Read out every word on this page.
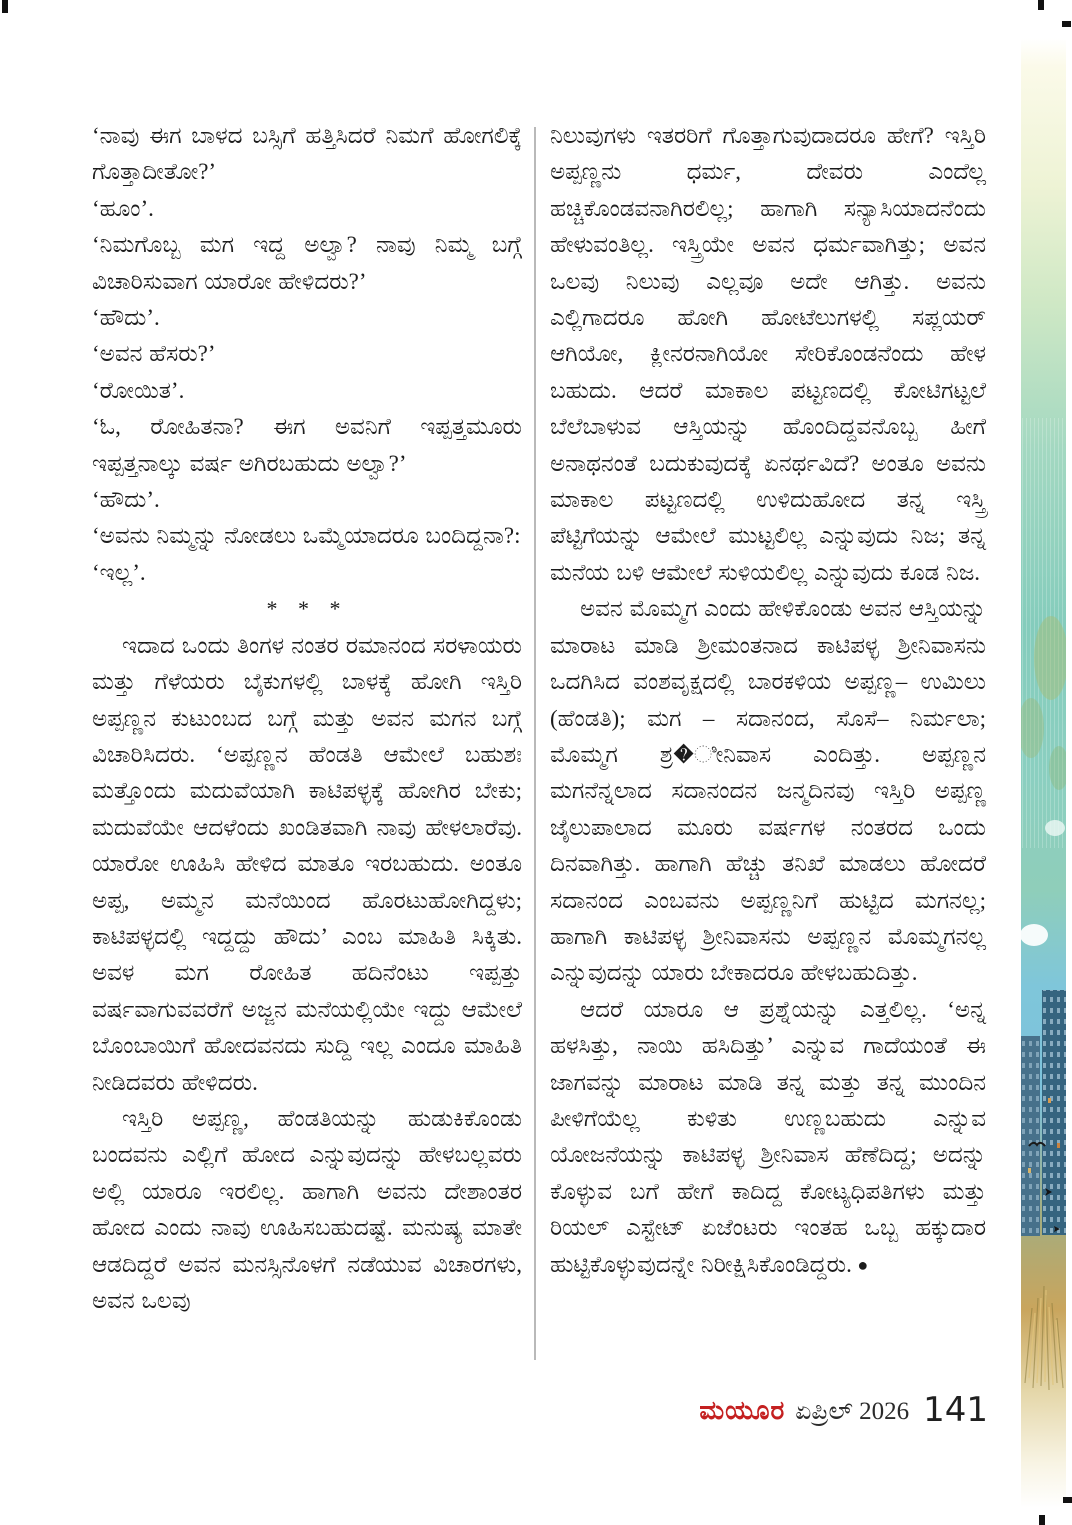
‘ನಾವು ಈಗ ಬಾಳದ ಬಸ್ಸಿಗೆ ಹತ್ತಿಸಿದರೆ ನಿಮಗೆ ಹೋಗಲಿಕ್ಕೆ ಗೊತ್ತಾದೀತೋ?’

‘ಹೂಂ’.

‘ನಿಮಗೊಬ್ಬ ಮಗ ಇದ್ದ ಅಲ್ವಾ? ನಾವು ನಿಮ್ಮ ಬಗ್ಗೆ ವಿಚಾರಿಸುವಾಗ ಯಾರೋ ಹೇಳಿದರು?’

‘ಹೌದು’.

‘ಅವನ ಹೆಸರು?’

‘ರೋಯಿತ’.

‘ಓ, ರೋಹಿತನಾ? ಈಗ ಅವನಿಗೆ ಇಪ್ಪತ್ತಮೂರು ಇಪ್ಪತ್ತನಾಲ್ಕು ವರ್ಷ ಅಗಿರಬಹುದು ಅಲ್ವಾ?’

‘ಹೌದು’.

‘ಅವನು ನಿಮ್ಮನ್ನು ನೋಡಲು ಒಮ್ಮೆಯಾದರೂ ಬಂದಿದ್ದನಾ?:

‘ಇಲ್ಲ’.

* * *

ಇದಾದ ಒಂದು ತಿಂಗಳ ನಂತರ ರಮಾನಂದ ಸರಳಾಯರು ಮತ್ತು ಗೆಳೆಯರು ಬೈಕುಗಳಲ್ಲಿ ಬಾಳಕ್ಕೆ ಹೋಗಿ ಇಸ್ತಿರಿ ಅಪ್ಪಣ್ಣನ ಕುಟುಂಬದ ಬಗ್ಗೆ ಮತ್ತು ಅವನ ಮಗನ ಬಗ್ಗೆ ವಿಚಾರಿಸಿದರು. ‘ಅಪ್ಪಣ್ಣನ ಹೆಂಡತಿ ಆಮೇಲೆ ಬಹುಶಃ ಮತ್ತೊಂದು ಮದುವೆಯಾಗಿ ಕಾಟಿಪಳ್ಳಕ್ಕೆ ಹೋಗಿರ ಬೇಕು; ಮದುವೆಯೇ ಆದಳೆಂದು ಖಂಡಿತವಾಗಿ ನಾವು ಹೇಳಲಾರೆವು. ಯಾರೋ ಊಹಿಸಿ ಹೇಳಿದ ಮಾತೂ ಇರಬಹುದು. ಅಂತೂ ಅಪ್ಪ, ಅಮ್ಮನ ಮನೆಯಿಂದ ಹೊರಟುಹೋಗಿದ್ದಳು; ಕಾಟಿಪಳ್ಳದಲ್ಲಿ ಇದ್ದದ್ದು ಹೌದು’ ಎಂಬ ಮಾಹಿತಿ ಸಿಕ್ಕಿತು. ಅವಳ ಮಗ ರೋಹಿತ ಹದಿನೆಂಟು ಇಪ್ಪತ್ತು ವರ್ಷವಾಗುವವರೆಗೆ ಅಜ್ಜನ ಮನೆಯಲ್ಲಿಯೇ ಇದ್ದು ಆಮೇಲೆ ಬೊಂಬಾಯಿಗೆ ಹೋದವನದು ಸುದ್ದಿ ಇಲ್ಲ ಎಂದೂ ಮಾಹಿತಿ ನೀಡಿದವರು ಹೇಳಿದರು.

ಇಸ್ತಿರಿ ಅಪ್ಪಣ್ಣ, ಹೆಂಡತಿಯನ್ನು ಹುಡುಕಿಕೊಂಡು ಬಂದವನು ಎಲ್ಲಿಗೆ ಹೋದ ಎನ್ನುವುದನ್ನು ಹೇಳಬಲ್ಲವರು ಅಲ್ಲಿ ಯಾರೂ ಇರಲಿಲ್ಲ. ಹಾಗಾಗಿ ಅವನು ದೇಶಾಂತರ ಹೋದ ಎಂದು ನಾವು ಊಹಿಸಬಹುದಷ್ಟೆ. ಮನುಷ್ಯ ಮಾತೇ ಆಡದಿದ್ದರೆ ಅವನ ಮನಸ್ಸಿನೊಳಗೆ ನಡೆಯುವ ವಿಚಾರಗಳು, ಅವನ ಒಲವು

ನಿಲುವುಗಳು ಇತರರಿಗೆ ಗೊತ್ತಾಗುವುದಾದರೂ ಹೇಗೆ? ಇಸ್ತಿರಿ ಅಪ್ಪಣ್ಣನು ಧರ್ಮ, ದೇವರು ಎಂದೆಲ್ಲ ಹಚ್ಚಿಕೊಂಡವನಾಗಿರಲಿಲ್ಲ; ಹಾಗಾಗಿ ಸನ್ಯಾಸಿಯಾದನೆಂದು ಹೇಳುವಂತಿಲ್ಲ. ಇಸ್ತ್ರಿಯೇ ಅವನ ಧರ್ಮವಾಗಿತ್ತು; ಅವನ ಒಲವು ನಿಲುವು ಎಲ್ಲವೂ ಅದೇ ಆಗಿತ್ತು. ಅವನು ಎಲ್ಲಿಗಾದರೂ ಹೋಗಿ ಹೋಟೆಲುಗಳಲ್ಲಿ ಸಪ್ಲಯರ್ ಆಗಿಯೋ, ಕ್ಲೀನರನಾಗಿಯೋ ಸೇರಿಕೊಂಡನೆಂದು ಹೇಳ ಬಹುದು. ಆದರೆ ಮಾಕಾಲ ಪಟ್ಟಣದಲ್ಲಿ ಕೋಟಿಗಟ್ಟಲೆ ಬೆಲೆಬಾಳುವ ಆಸ್ತಿಯನ್ನು ಹೊಂದಿದ್ದವನೊಬ್ಬ ಹೀಗೆ ಅನಾಥನಂತೆ ಬದುಕುವುದಕ್ಕೆ ಏನರ್ಥವಿದೆ? ಅಂತೂ ಅವನು ಮಾಕಾಲ ಪಟ್ಟಣದಲ್ಲಿ ಉಳಿದುಹೋದ ತನ್ನ ಇಸ್ತ್ರಿ ಪೆಟ್ಟಿಗೆಯನ್ನು ಆಮೇಲೆ ಮುಟ್ಟಲಿಲ್ಲ ಎನ್ನುವುದು ನಿಜ; ತನ್ನ ಮನೆಯ ಬಳಿ ಆಮೇಲೆ ಸುಳಿಯಲಿಲ್ಲ ಎನ್ನುವುದು ಕೂಡ ನಿಜ.

ಅವನ ಮೊಮ್ಮಗ ಎಂದು ಹೇಳಿಕೊಂಡು ಅವನ ಆಸ್ತಿಯನ್ನು ಮಾರಾಟ ಮಾಡಿ ಶ್ರೀಮಂತನಾದ ಕಾಟಿಪಳ್ಳ ಶ್ರೀನಿವಾಸನು ಒದಗಿಸಿದ ವಂಶವೃಕ್ಷದಲ್ಲಿ ಬಾರಕಳಿಯ ಅಪ್ಪಣ್ಣ– ಉಮಿಲು (ಹೆಂಡತಿ); ಮಗ – ಸದಾನಂದ, ಸೊಸೆ– ನಿರ್ಮಲಾ; ಮೊಮ್ಮಗ ಶ್ರ�ೀನಿವಾಸ ಎಂದಿತ್ತು. ಅಪ್ಪಣ್ಣನ ಮಗನೆನ್ನಲಾದ ಸದಾನಂದನ ಜನ್ಮದಿನವು ಇಸ್ತಿರಿ ಅಪ್ಪಣ್ಣ ಜೈಲುಪಾಲಾದ ಮೂರು ವರ್ಷಗಳ ನಂತರದ ಒಂದು ದಿನವಾಗಿತ್ತು. ಹಾಗಾಗಿ ಹೆಚ್ಚು ತನಿಖೆ ಮಾಡಲು ಹೋದರೆ ಸದಾನಂದ ಎಂಬವನು ಅಪ್ಪಣ್ಣನಿಗೆ ಹುಟ್ಟಿದ ಮಗನಲ್ಲ; ಹಾಗಾಗಿ ಕಾಟಿಪಳ್ಳ ಶ್ರೀನಿವಾಸನು ಅಪ್ಪಣ್ಣನ ಮೊಮ್ಮಗನಲ್ಲ ಎನ್ನುವುದನ್ನು ಯಾರು ಬೇಕಾದರೂ ಹೇಳಬಹುದಿತ್ತು.

ಆದರೆ ಯಾರೂ ಆ ಪ್ರಶ್ನೆಯನ್ನು ಎತ್ತಲಿಲ್ಲ. ‘ಅನ್ನ ಹಳಸಿತ್ತು, ನಾಯಿ ಹಸಿದಿತ್ತು’ ಎನ್ನುವ ಗಾದೆಯಂತೆ ಈ ಜಾಗವನ್ನು ಮಾರಾಟ ಮಾಡಿ ತನ್ನ ಮತ್ತು ತನ್ನ ಮುಂದಿನ ಪೀಳಿಗೆಯೆಲ್ಲ ಕುಳಿತು ಉಣ್ಣಬಹುದು ಎನ್ನುವ ಯೋಜನೆಯನ್ನು ಕಾಟಿಪಳ್ಳ ಶ್ರೀನಿವಾಸ ಹೆಣೆದಿದ್ದ; ಅದನ್ನು ಕೊಳ್ಳುವ ಬಗೆ ಹೇಗೆ ಕಾದಿದ್ದ ಕೋಟ್ಯಧಿಪತಿಗಳು ಮತ್ತು ರಿಯಲ್ ಎಸ್ಟೇಟ್ ಏಜೆಂಟರು ಇಂತಹ ಒಬ್ಬ ಹಕ್ಕುದಾರ ಹುಟ್ಟಿಕೊಳ್ಳುವುದನ್ನೇ ನಿರೀಕ್ಷಿಸಿಕೊಂಡಿದ್ದರು. ●

ಮಯೂರ ಏಪ್ರಿಲ್ 2026 141
